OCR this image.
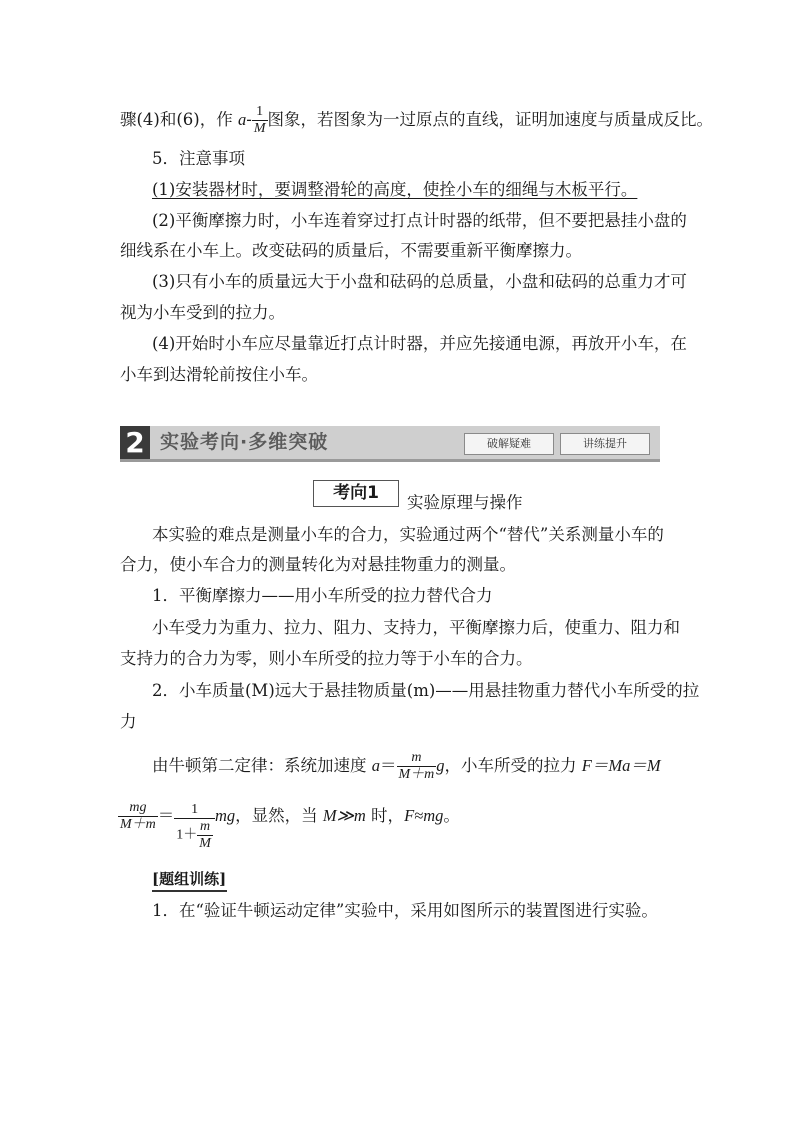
骤(4)和(6)，作 $a- \frac{1}{M}$ 图象，若图象为一过原点的直线，证明加速度与质量成反比。
5．注意事项
(1)安装器材时，要调整滑轮的高度，使拴小车的细绳与木板平行。
(2)平衡摩擦力时，小车连着穿过打点计时器的纸带，但不要把悬挂小盘的
细线系在小车上。改变砝码的质量后，不需要重新平衡摩擦力。
(3)只有小车的质量远大于小盘和砝码的总质量，小盘和砝码的总重力才可
视为小车受到的拉力。
(4)开始时小车应尽量靠近打点计时器，并应先接通电源，再放开小车，在
小车到达滑轮前按住小车。
2 实验考向·多维突破	破解疑难	讲练提升
考向1	实验原理与操作
本实验的难点是测量小车的合力，实验通过两个“替代”关系测量小车的
合力，使小车合力的测量转化为对悬挂物重力的测量。
1．平衡摩擦力——用小车所受的拉力替代合力
小车受力为重力、拉力、阻力、支持力，平衡摩擦力后，使重力、阻力和
支持力的合力为零，则小车所受的拉力等于小车的合力。
2．小车质量(M)远大于悬挂物质量(m)——用悬挂物重力替代小车所受的拉
力
由牛顿第二定律：系统加速度 $a= \frac{m}{M+m}$ g，小车所受的拉力 F＝Ma＝M
$\frac{mg}{M+m} = \frac{1}{1+ \frac{m}{M}}$ mg，显然，当 M≫m 时，F≈mg。
[题组训练]
1．在“验证牛顿运动定律”实验中，采用如图所示的装置图进行实验。
